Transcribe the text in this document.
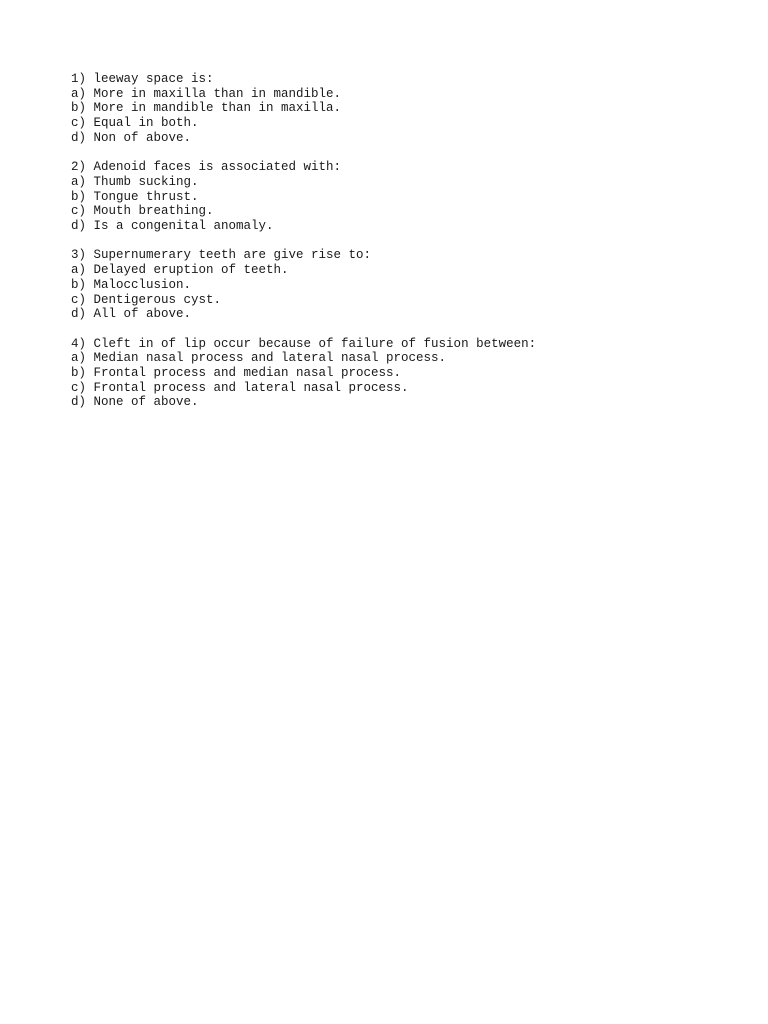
1) leeway space is:
a) More in maxilla than in mandible.
b) More in mandible than in maxilla.
c) Equal in both.
d) Non of above.
2) Adenoid faces is associated with:
a) Thumb sucking.
b) Tongue thrust.
c) Mouth breathing.
d) Is a congenital anomaly.
3) Supernumerary teeth are give rise to:
a) Delayed eruption of teeth.
b) Malocclusion.
c) Dentigerous cyst.
d) All of above.
4) Cleft in of lip occur because of failure of fusion between:
a) Median nasal process and lateral nasal process.
b) Frontal process and median nasal process.
c) Frontal process and lateral nasal process.
d) None of above.
